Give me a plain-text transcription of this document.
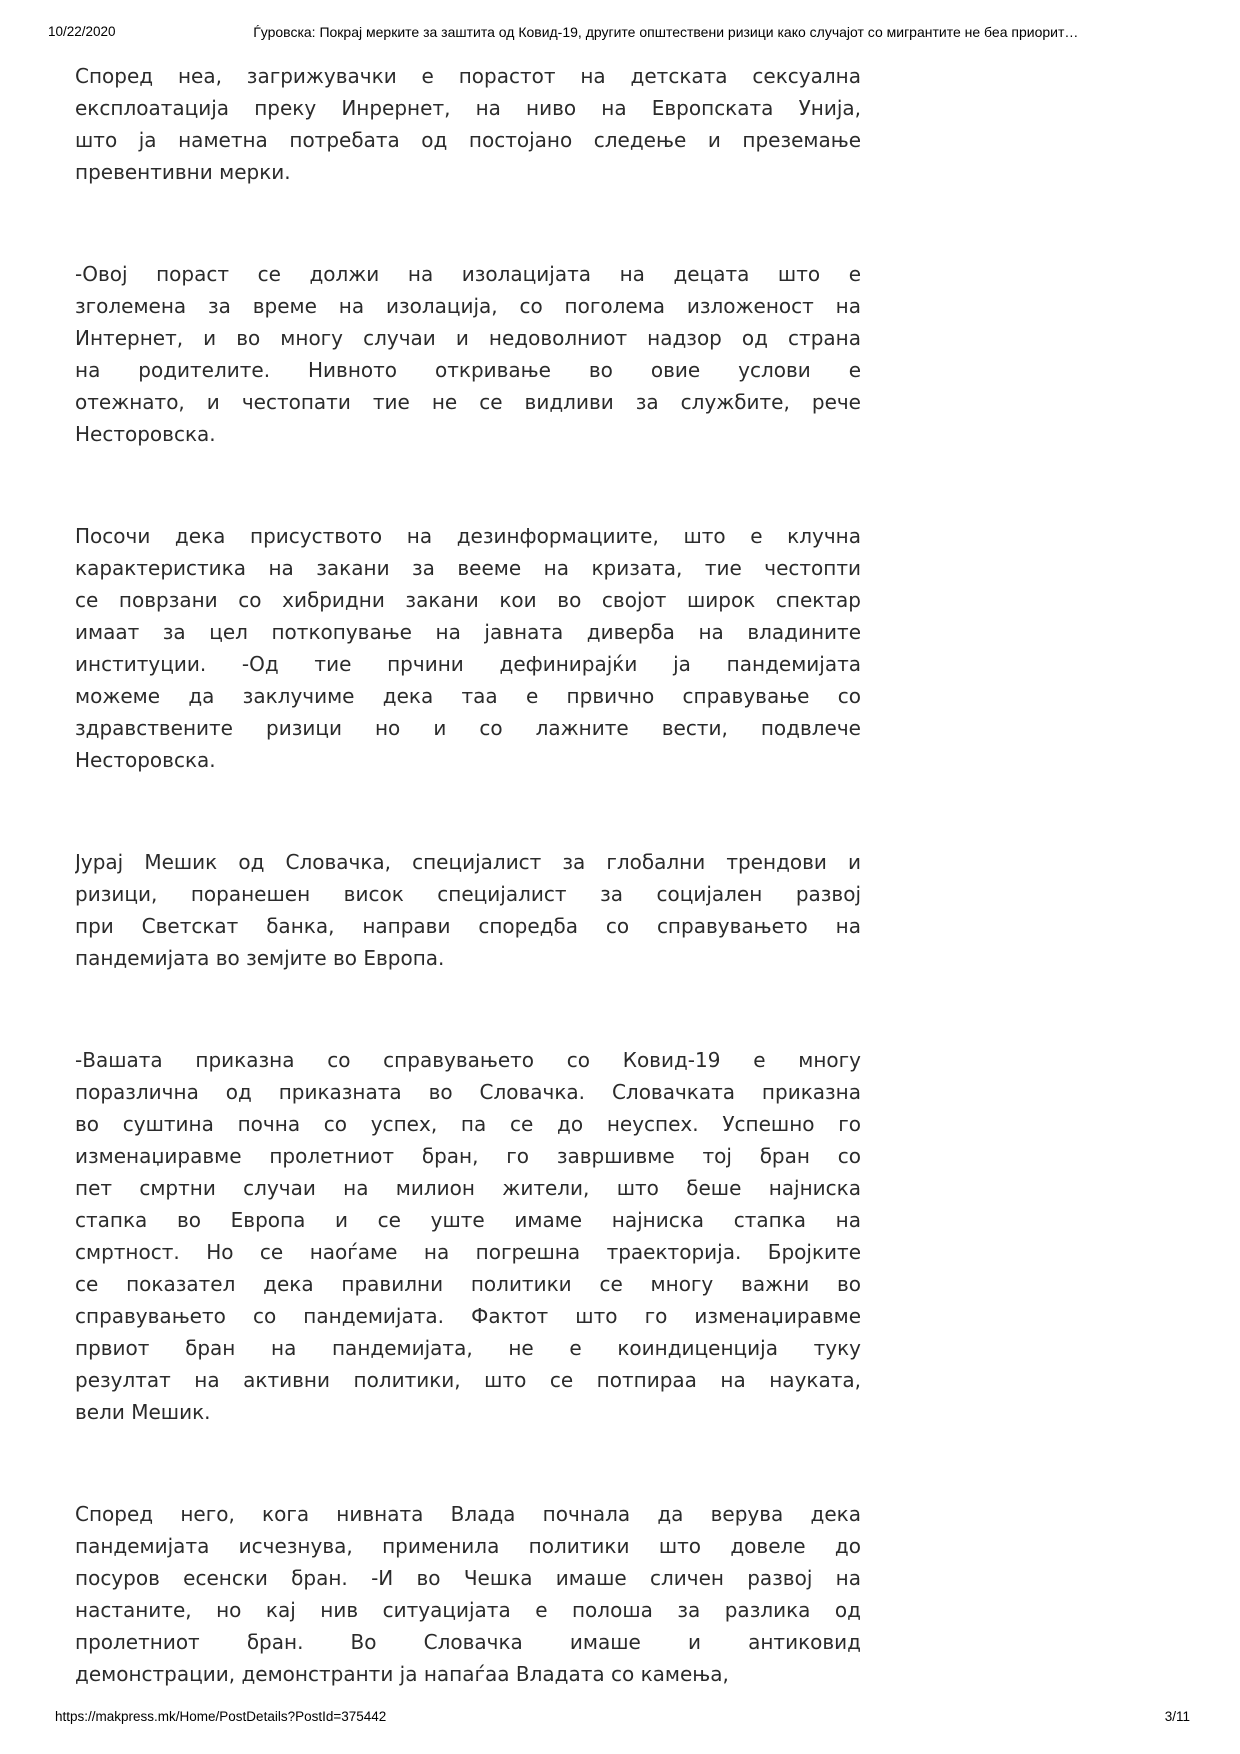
10/22/2020	Ѓуровска: Покрај мерките за заштита од Ковид-19, другите општествени ризици како случајот со мигрантите не беа приорит…
Според неа, загрижувачки е порастот на детската сексуална
експлоатација преку Инрернет, на ниво на Европската Унија,
што ја наметна потребата од постојано следење и преземање
превентивни мерки.
-Овој пораст се должи на изолацијата на децата што е
зголемена за време на изолација, со поголема изложеност на
Интернет, и во многу случаи и недоволниот надзор од страна
на родителите. Нивното откривање во овие услови е
отежнато, и честопати тие не се видливи за службите, рече
Несторовска.
Посочи дека присуството на дезинформациите, што е клучна
карактеристика на закани за вееме на кризата, тие честопти
се поврзани со хибридни закани кои во својот широк спектар
имаат за цел поткопување на јавната диверба на владините
институции. -Од тие прчини дефинирајќи ја пандемијата
можеме да заклучиме дека таа е првично справување со
здравствените ризици но и со лажните вести, подвлече
Несторовска.
Јурај Мешик од Словачка, специјалист за глобални трендови и
ризици, поранешен висок специјалист за социјален развој
при Светскат банка, направи споредба со справувањето на
пандемијата во земјите во Европа.
-Вашата приказна со справувањето со Ковид-19 е многу
поразлична од приказната во Словачка. Словачката приказна
во суштина почна со успех, па се до неуспех. Успешно го
изменаџиравме пролетниот бран, го завршивме тој бран со
пет смртни случаи на милион жители, што беше најниска
стапка во Европа и се уште имаме најниска стапка на
смртност. Но се наоѓаме на погрешна траекторија. Бројките
се показател дека правилни политики се многу важни во
справувањето со пандемијата. Фактот што го изменаџиравме
првиот бран на пандемијата, не е коиндиценција туку
резултат на активни политики, што се потпираа на науката,
вели Мешик.
Според него, кога нивната Влада почнала да верува дека
пандемијата исчезнува, применила политики што довеле до
посуров есенски бран. -И во Чешка имаше сличен развој на
настаните, но кај нив ситуацијата е полоша за разлика од
пролетниот бран. Во Словачка имаше и антиковид
демонстрации, демонстранти ја напаѓаа Владата со камења,
https://makpress.mk/Home/PostDetails?PostId=375442	3/11
